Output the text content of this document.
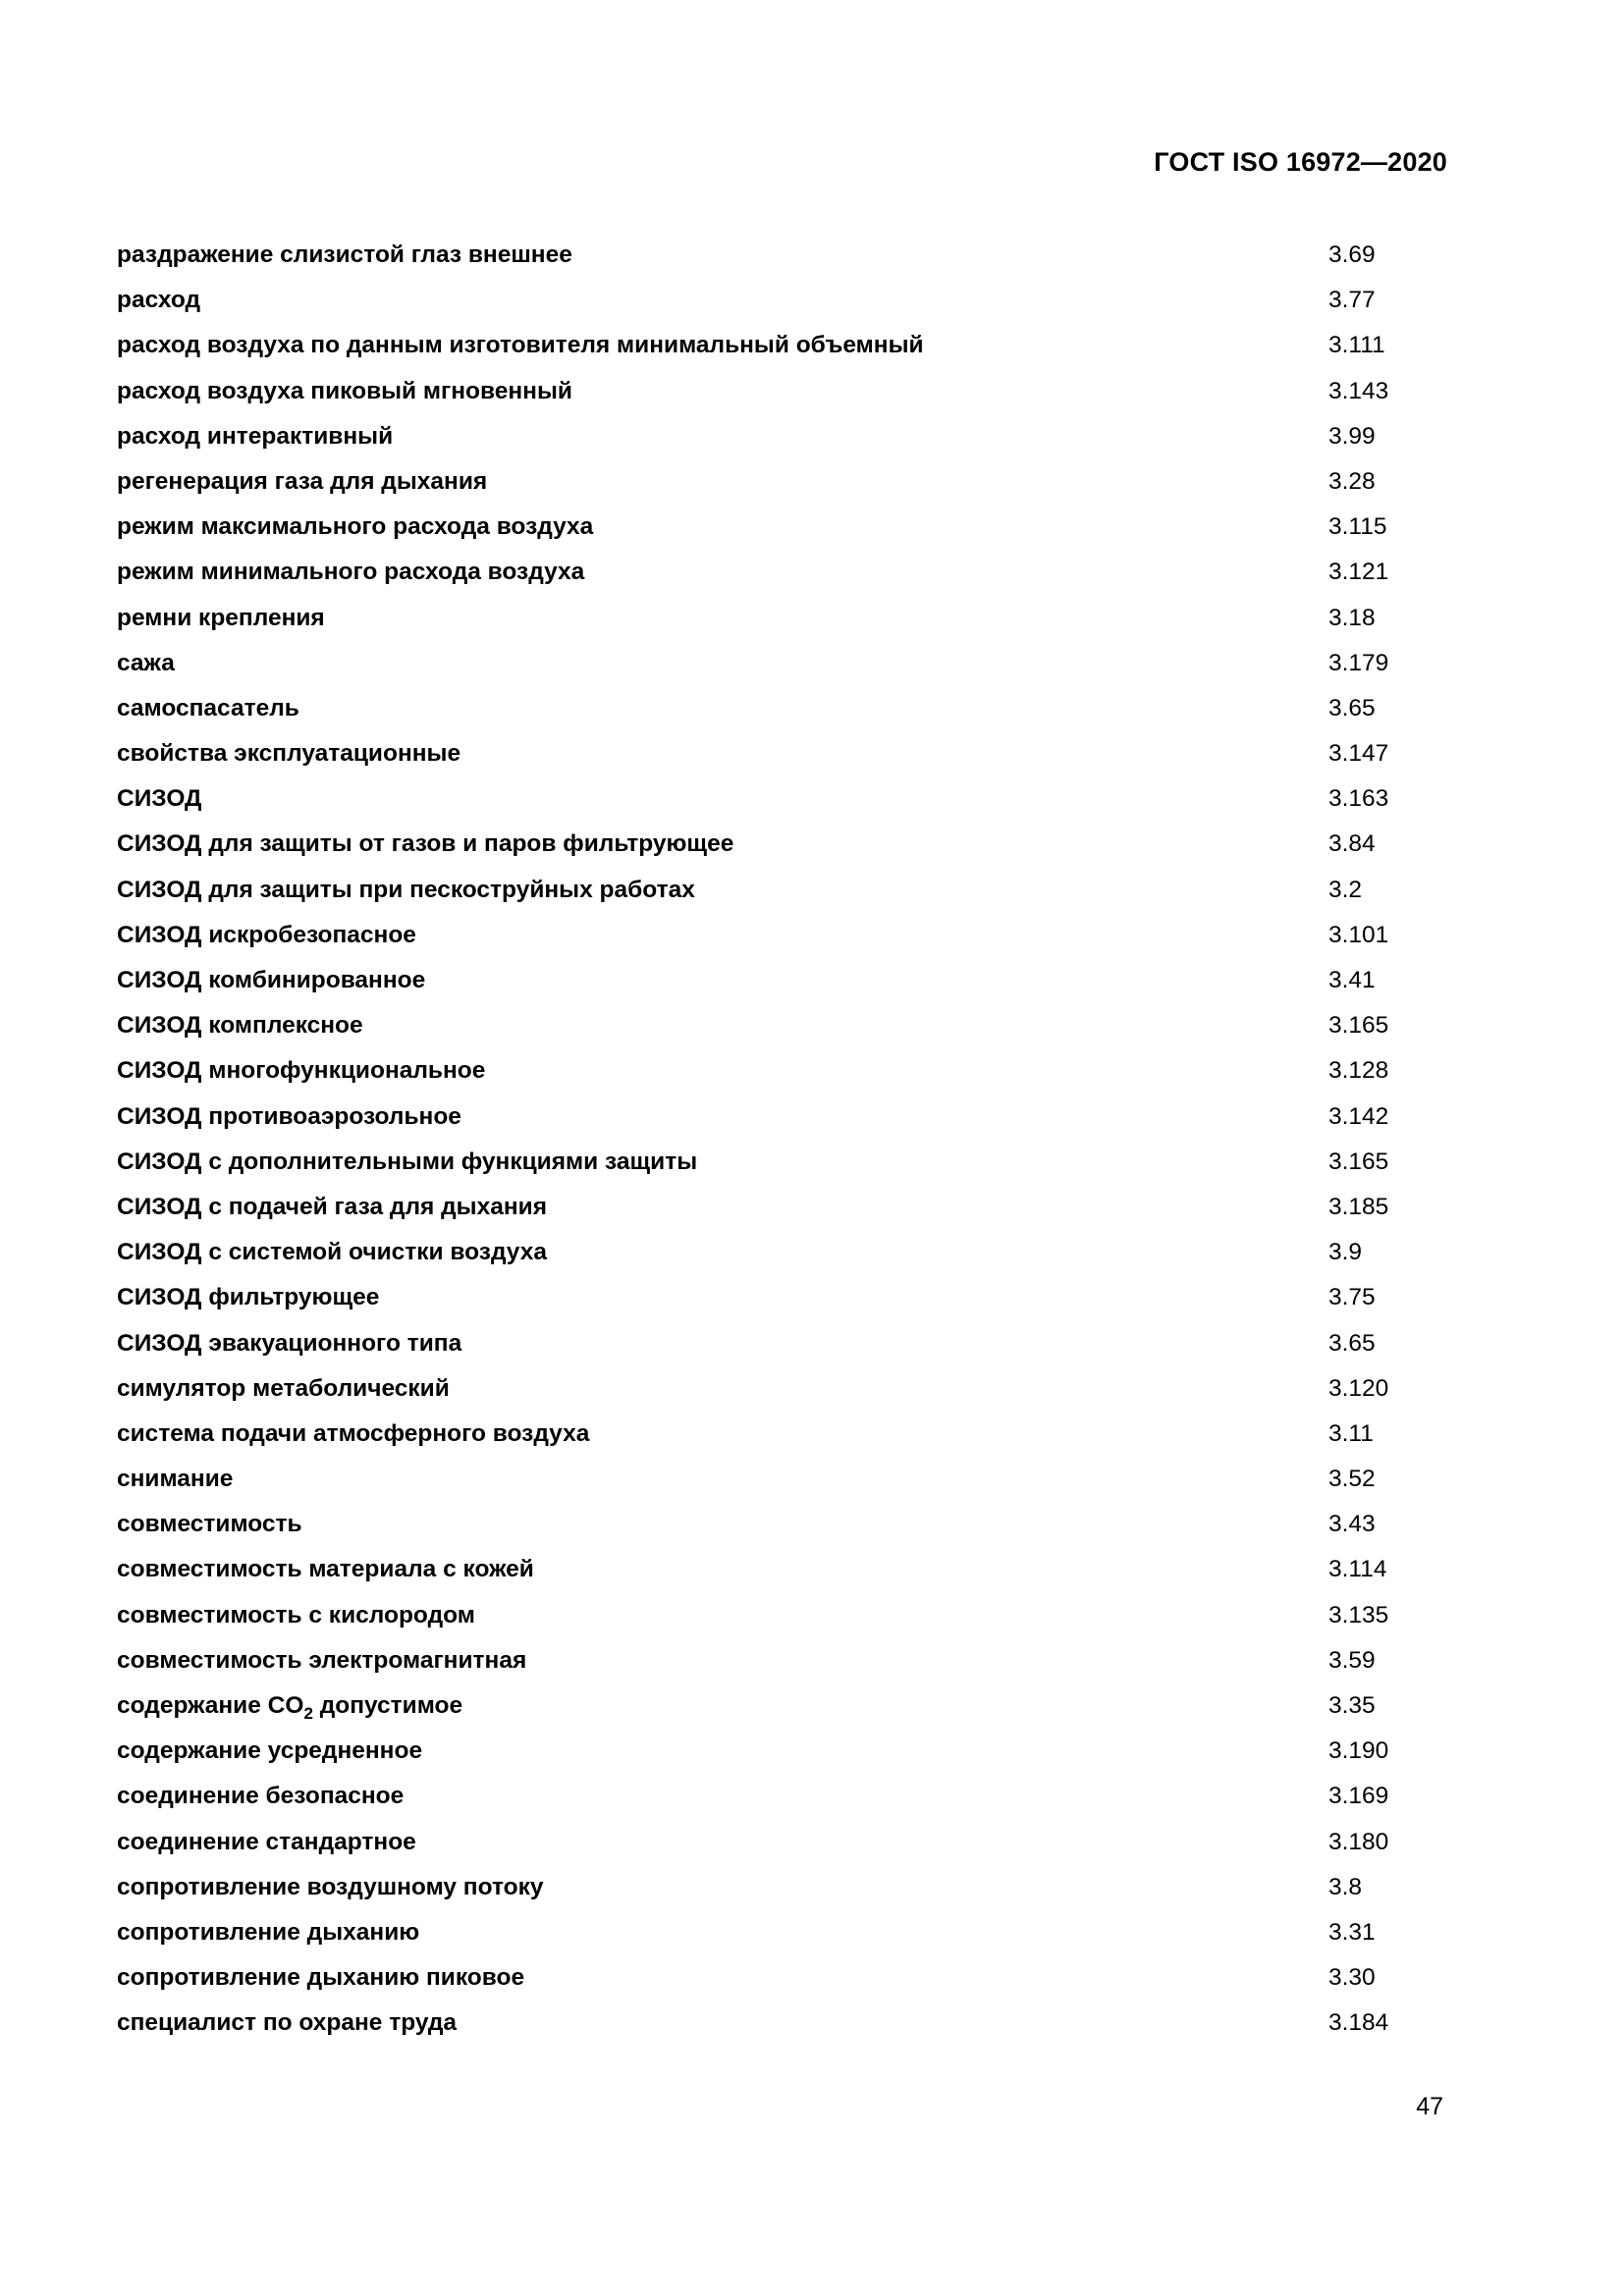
ГОСТ ISO 16972—2020
раздражение слизистой глаз внешнее	3.69
расход	3.77
расход воздуха по данным изготовителя минимальный объемный	3.111
расход воздуха пиковый мгновенный	3.143
расход интерактивный	3.99
регенерация газа для дыхания	3.28
режим максимального расхода воздуха	3.115
режим минимального расхода воздуха	3.121
ремни крепления	3.18
сажа	3.179
самоспасатель	3.65
свойства эксплуатационные	3.147
СИЗОД	3.163
СИЗОД для защиты от газов и паров фильтрующее	3.84
СИЗОД для защиты при пескоструйных работах	3.2
СИЗОД искробезопасное	3.101
СИЗОД комбинированное	3.41
СИЗОД комплексное	3.165
СИЗОД многофункциональное	3.128
СИЗОД противоаэрозольное	3.142
СИЗОД с дополнительными функциями защиты	3.165
СИЗОД с подачей газа для дыхания	3.185
СИЗОД с системой очистки воздуха	3.9
СИЗОД фильтрующее	3.75
СИЗОД эвакуационного типа	3.65
симулятор метаболический	3.120
система подачи атмосферного воздуха	3.11
снимание	3.52
совместимость	3.43
совместимость материала с кожей	3.114
совместимость с кислородом	3.135
совместимость электромагнитная	3.59
содержание $CO_2$ допустимое	3.35
содержание усредненное	3.190
соединение безопасное	3.169
соединение стандартное	3.180
сопротивление воздушному потоку	3.8
сопротивление дыханию	3.31
сопротивление дыханию пиковое	3.30
специалист по охране труда	3.184
47
